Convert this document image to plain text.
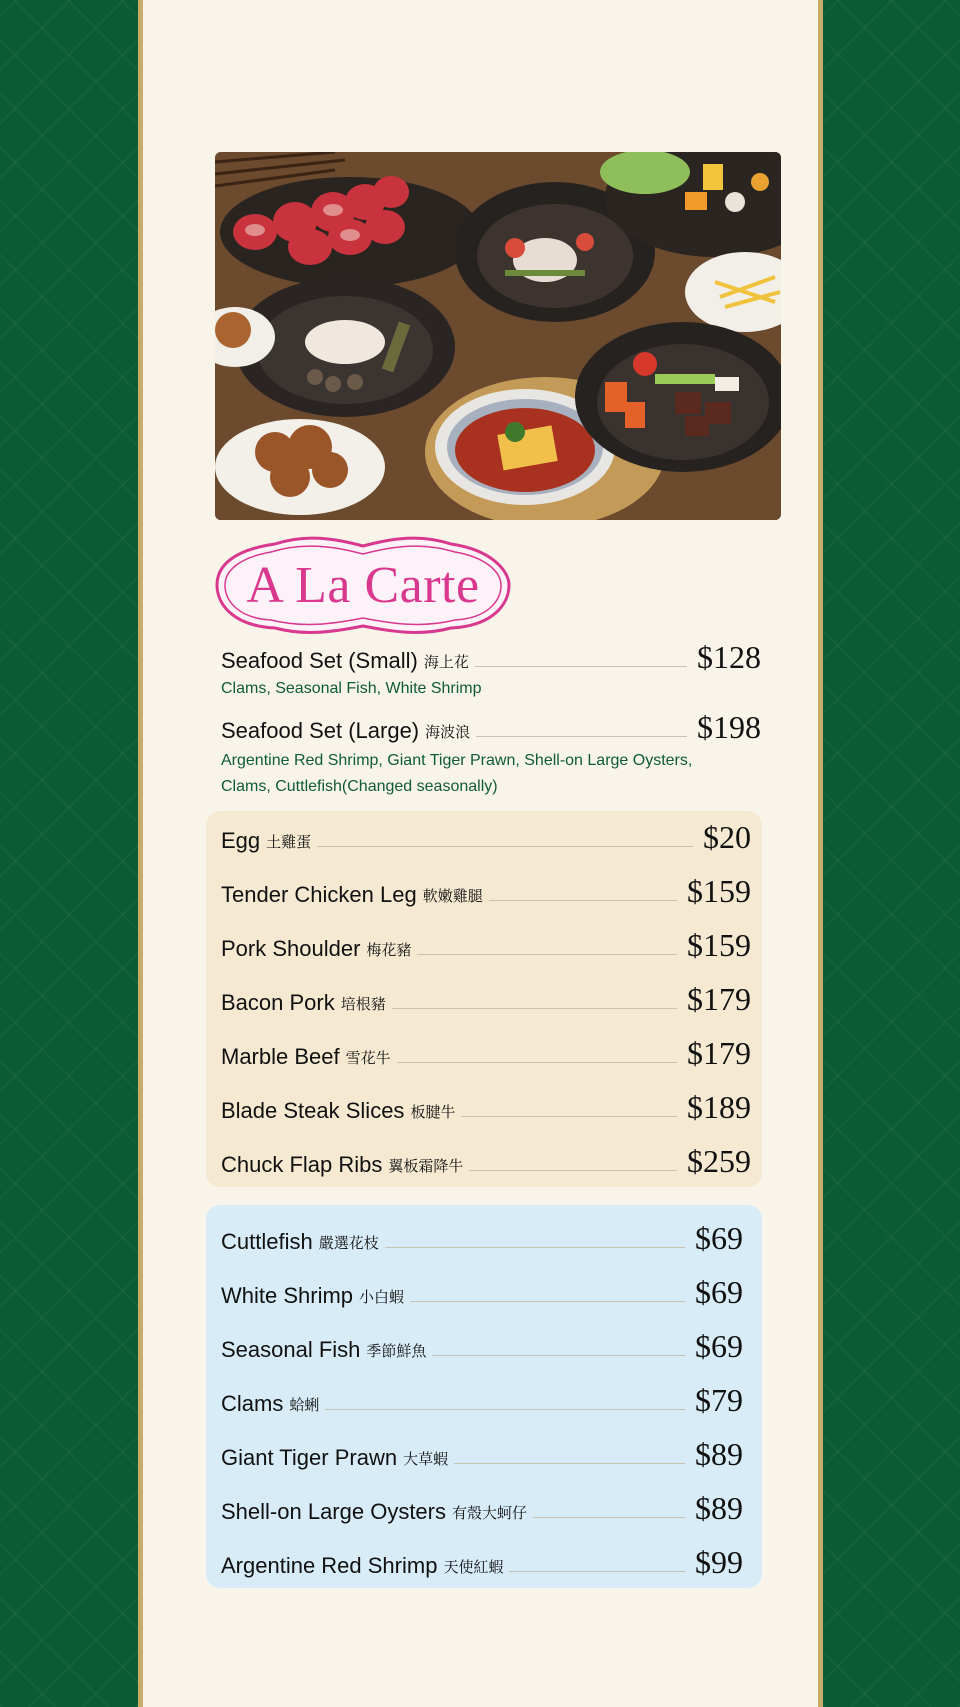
A La Carte
Seafood Set (Small) 海上花	$128
Clams, Seasonal Fish, White Shrimp
Seafood Set (Large) 海波浪	$198
Argentine Red Shrimp, Giant Tiger Prawn, Shell-on Large Oysters,
Clams, Cuttlefish(Changed seasonally)
Egg 土雞蛋	$20
Tender Chicken Leg 軟嫩雞腿	$159
Pork Shoulder 梅花豬	$159
Bacon Pork 培根豬	$179
Marble Beef 雪花牛	$179
Blade Steak Slices 板腱牛	$189
Chuck Flap Ribs 翼板霜降牛	$259
Cuttlefish 嚴選花枝	$69
White Shrimp 小白蝦	$69
Seasonal Fish 季節鮮魚	$69
Clams 蛤蜊	$79
Giant Tiger Prawn 大草蝦	$89
Shell-on Large Oysters 有殼大蚵仔	$89
Argentine Red Shrimp 天使紅蝦	$99
